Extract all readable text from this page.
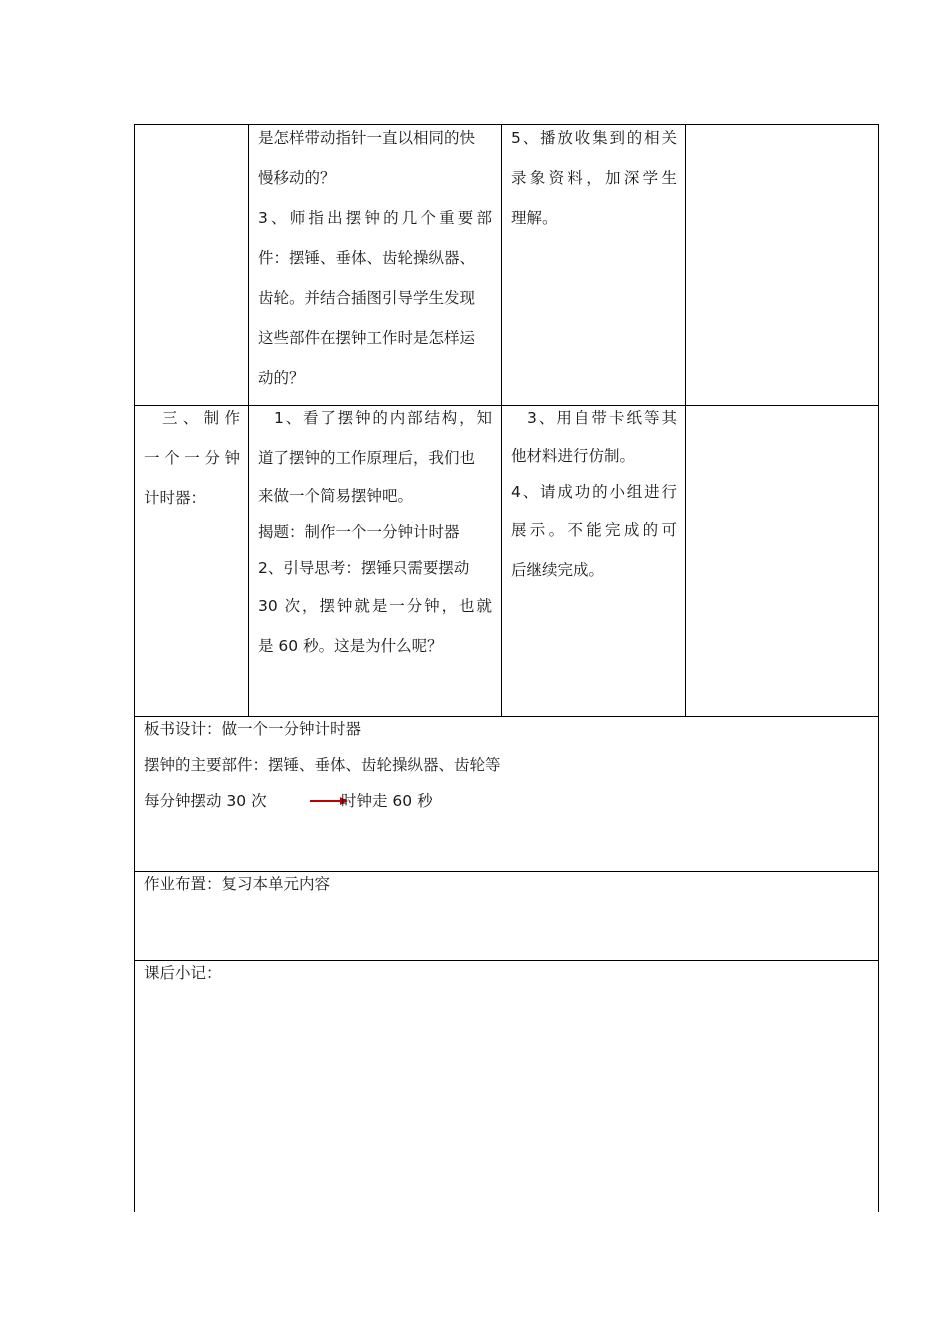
是怎样带动指针一直以相同的快

慢移动的？

3、师指出摆钟的几个重要部

件：摆锤、垂体、齿轮操纵器、

齿轮。并结合插图引导学生发现

这些部件在摆钟工作时是怎样运

动的？

5、播放收集到的相关

录象资料，加深学生

理解。

三、制作

一个一分钟

计时器：

1、看了摆钟的内部结构，知

道了摆钟的工作原理后，我们也

来做一个简易摆钟吧。

揭题：制作一个一分钟计时器

2、引导思考：摆锤只需要摆动

30 次，摆钟就是一分钟，也就

是 60 秒。这是为什么呢？

3、用自带卡纸等其

他材料进行仿制。

4、请成功的小组进行

展示。不能完成的可

后继续完成。

板书设计：做一个一分钟计时器
摆钟的主要部件：摆锤、垂体、齿轮操纵器、齿轮等
每分钟摆动 30 次	时钟走 60 秒
作业布置：复习本单元内容
课后小记：
